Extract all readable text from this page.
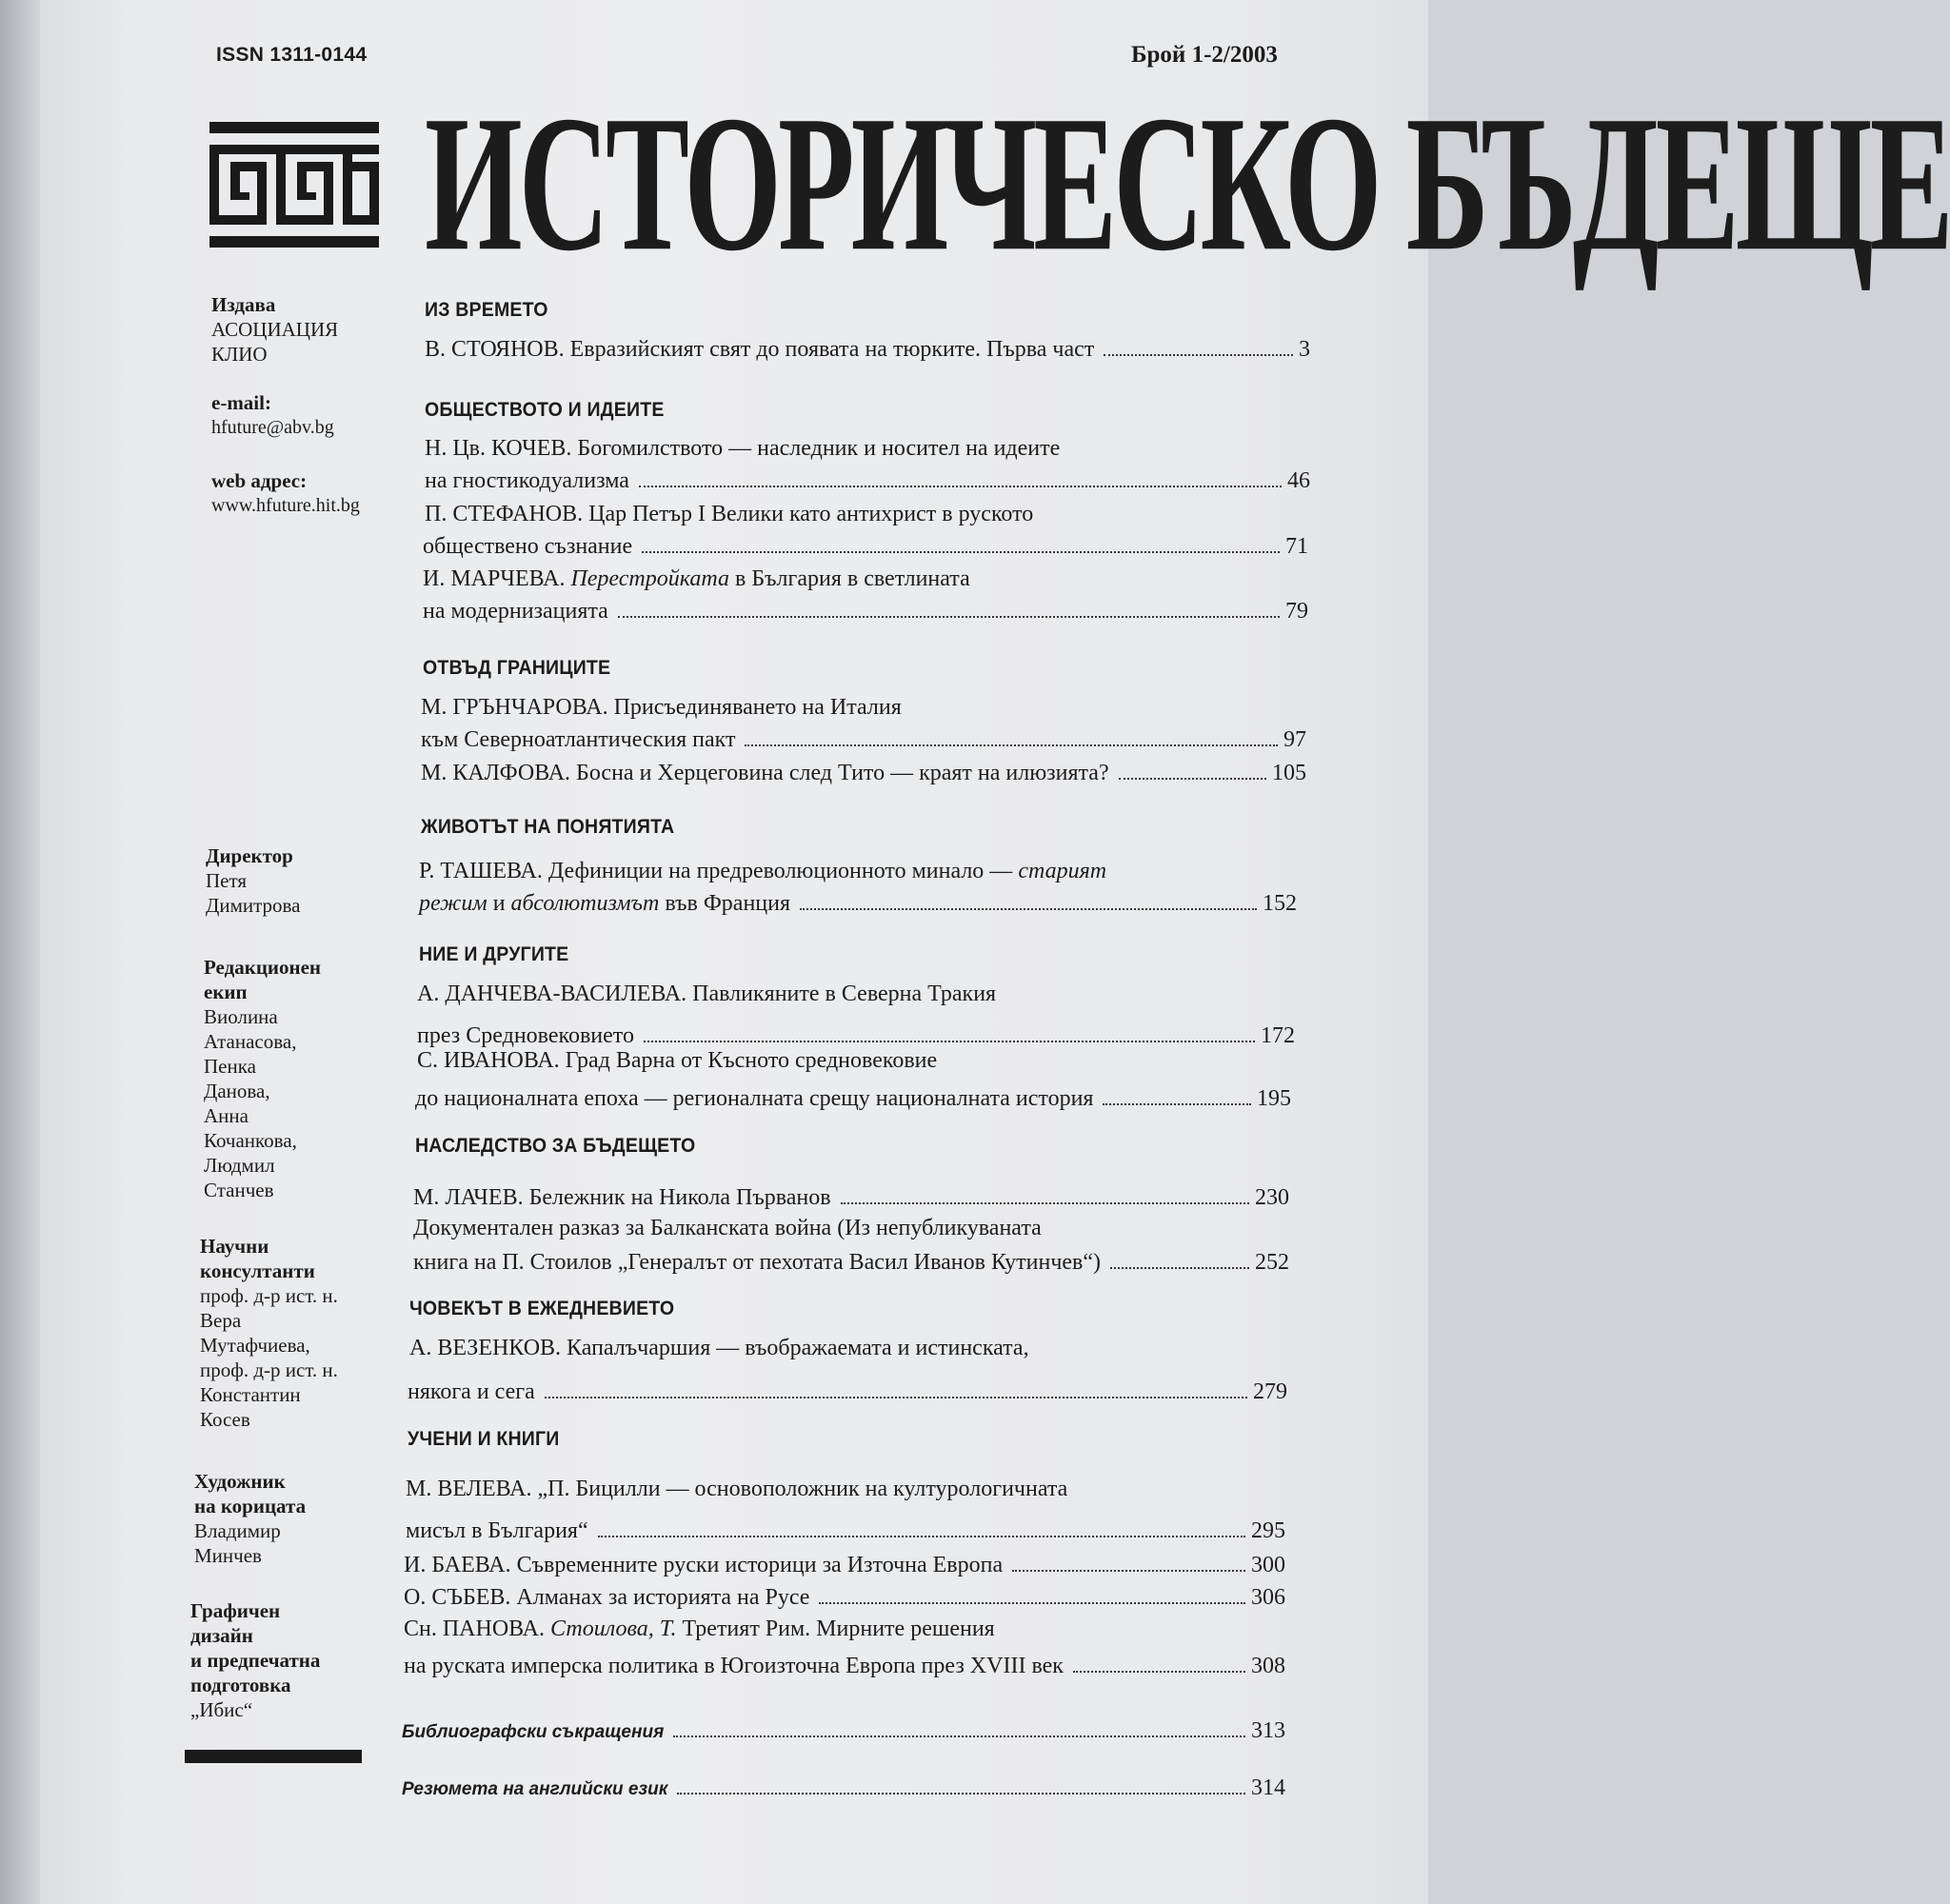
ISSN 1311-0144	Брой 1-2/2003
ИСТОРИЧЕСКО БЪДЕЩЕ
Издава
АСОЦИАЦИЯ
КЛИО
e-mail:
hfuture@abv.bg
web адрес:
www.hfuture.hit.bg
Директор
Петя
Димитрова
Редакционен
екип
Виолина
Атанасова,
Пенка
Данова,
Анна
Кочанкова,
Людмил
Станчев
Научни
консултанти
проф. д-р ист. н.
Вера
Мутафчиева,
проф. д-р ист. н.
Константин
Косев
Художник
на корицата
Владимир
Минчев
Графичен
дизайн
и предпечатна
подготовка
„Ибис“
ИЗ ВРЕМЕТО
В. СТОЯНОВ. Евразийският свят до появата на тюрките. Първа част	3
ОБЩЕСТВОТО И ИДЕИТЕ
Н. Цв. КОЧЕВ. Богомилството — наследник и носител на идеите
на гностикодуализма	46
П. СТЕФАНОВ. Цар Петър I Велики като антихрист в руското
обществено съзнание	71
И. МАРЧЕВА. Перестройката в България в светлината
на модернизацията	79
ОТВЪД ГРАНИЦИТЕ
М. ГРЪНЧАРОВА. Присъединяването на Италия
към Северноатлантическия пакт	97
М. КАЛФОВА. Босна и Херцеговина след Тито — краят на илюзията?	105
ЖИВОТЪТ НА ПОНЯТИЯТА
Р. ТАШЕВА. Дефиниции на предреволюционното минало — старият
режим и абсолютизмът във Франция	152
НИЕ И ДРУГИТЕ
А. ДАНЧЕВА-ВАСИЛЕВА. Павликяните в Северна Тракия
през Средновековието	172
С. ИВАНОВА. Град Варна от Късното средновековие
до националната епоха — регионалната срещу националната история	195
НАСЛЕДСТВО ЗА БЪДЕЩЕТО
М. ЛАЧЕВ. Бележник на Никола Първанов	230
Документален разказ за Балканската война (Из непубликуваната
книга на П. Стоилов „Генералът от пехотата Васил Иванов Кутинчев“)	252
ЧОВЕКЪТ В ЕЖЕДНЕВИЕТО
А. ВЕЗЕНКОВ. Капалъчаршия — въображаемата и истинската,
някога и сега	279
УЧЕНИ И КНИГИ
М. ВЕЛЕВА. „П. Бицилли — основоположник на културологичната
мисъл в България“	295
И. БАЕВА. Съвременните руски историци за Източна Европа	300
О. СЪБЕВ. Алманах за историята на Русе	306
Сн. ПАНОВА. Стоилова, Т. Третият Рим. Мирните решения
на руската имперска политика в Югоизточна Европа през XVIII век	308
Библиографски съкращения	313
Резюмета на английски език	314
